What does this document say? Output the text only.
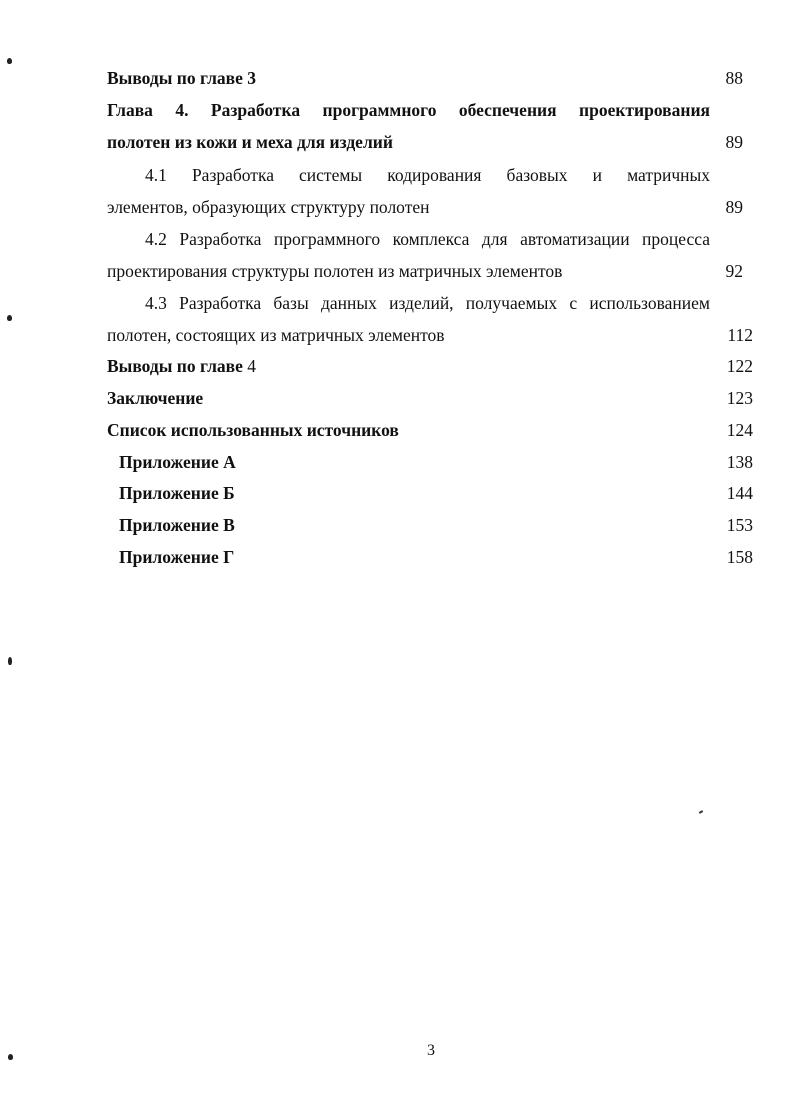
Выводы по главе 3	88
Глава 4. Разработка программного обеспечения проектирования
полотен из кожи и меха для изделий	89
4.1 Разработка системы кодирования базовых и матричных
элементов, образующих структуру полотен	89
4.2 Разработка программного комплекса для автоматизации процесса
проектирования структуры полотен из матричных элементов	92
4.3 Разработка базы данных изделий, получаемых с использованием
полотен, состоящих из матричных элементов	112
Выводы по главе 4	122
Заключение	123
Список использованных источников	124
Приложение А	138
Приложение Б	144
Приложение В	153
Приложение Г	158
3
